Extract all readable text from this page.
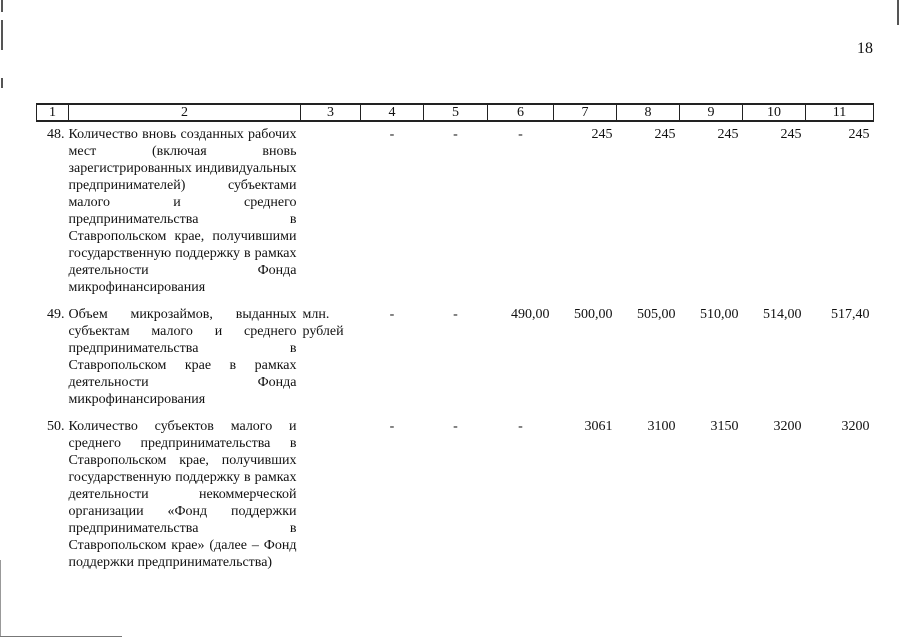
18
1	2	3	4	5	6	7	8	9	10	11
48.	Количество вновь созданных рабочих мест (включая вновь зарегистрированных индивидуальных предпринимателей) субъектами малого и среднего предпринимательства в Ставропольском крае, получившими государственную поддержку в рамках деятельности Фонда микрофинансирования		-	-	-	245	245	245	245	245
49.	Объем микрозаймов, выданных субъектам малого и среднего предпринимательства в Ставропольском крае в рамках деятельности Фонда микрофинансирования	млн. рублей	-	-	490,00	500,00	505,00	510,00	514,00	517,40
50.	Количество субъектов малого и среднего предпринимательства в Ставропольском крае, получивших государственную поддержку в рамках деятельности некоммерческой организации «Фонд поддержки предпринимательства в Ставропольском крае» (далее – Фонд поддержки предпринимательства)		-	-	-	3061	3100	3150	3200	3200
